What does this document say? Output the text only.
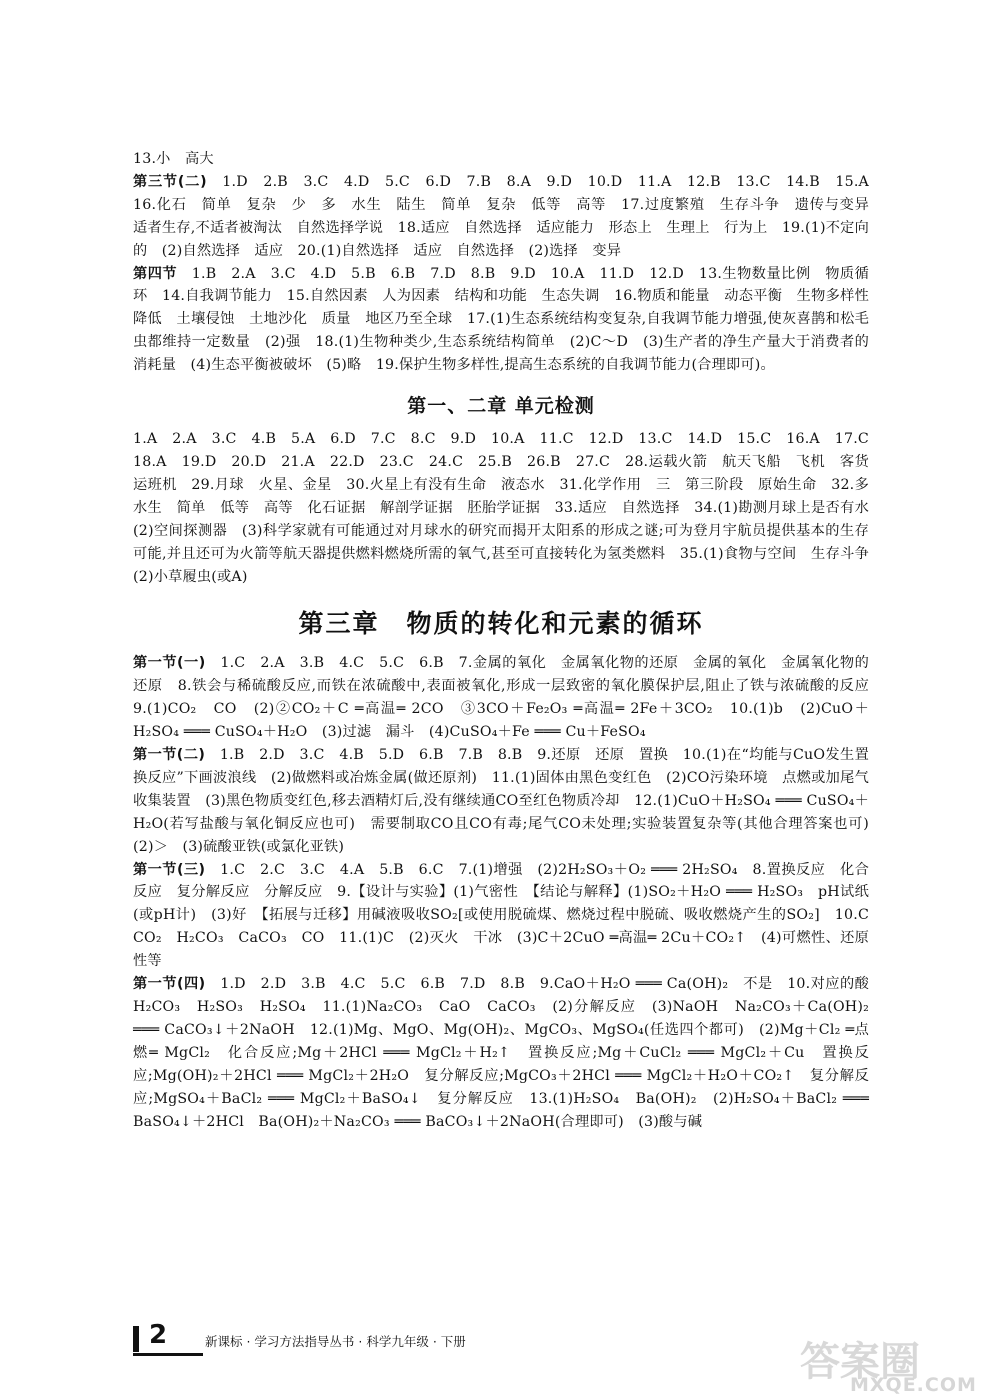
13.小　高大

第三节(二)　1.D　2.B　3.C　4.D　5.C　6.D　7.B　8.A　9.D　10.D　11.A　12.B　13.C　14.B　15.A　16.化石　简单　复杂　少　多　水生　陆生　简单　复杂　低等　高等　17.过度繁殖　生存斗争　遗传与变异　适者生存,不适者被淘汰　自然选择学说　18.适应　自然选择　适应能力　形态上　生理上　行为上　19.(1)不定向的　(2)自然选择　适应　20.(1)自然选择　适应　自然选择　(2)选择　变异

第四节　1.B　2.A　3.C　4.D　5.B　6.B　7.D　8.B　9.D　10.A　11.D　12.D　13.生物数量比例　物质循环　14.自我调节能力　15.自然因素　人为因素　结构和功能　生态失调　16.物质和能量　动态平衡　生物多样性降低　土壤侵蚀　土地沙化　质量　地区乃至全球　17.(1)生态系统结构变复杂,自我调节能力增强,使灰喜鹊和松毛虫都维持一定数量　(2)强　18.(1)生物种类少,生态系统结构简单　(2)C～D　(3)生产者的净生产量大于消费者的消耗量　(4)生态平衡被破坏　(5)略　19.保护生物多样性,提高生态系统的自我调节能力(合理即可)。

第一、二章 单元检测

1.A　2.A　3.C　4.B　5.A　6.D　7.C　8.C　9.D　10.A　11.C　12.D　13.C　14.D　15.C　16.A　17.C　18.A　19.D　20.D　21.A　22.D　23.C　24.C　25.B　26.B　27.C　28.运载火箭　航天飞船　飞机　客货运班机　29.月球　火星、金星　30.火星上有没有生命　液态水　31.化学作用　三　第三阶段　原始生命　32.多　水生　简单　低等　高等　化石证据　解剖学证据　胚胎学证据　33.适应　自然选择　34.(1)勘测月球上是否有水　(2)空间探测器　(3)科学家就有可能通过对月球水的研究而揭开太阳系的形成之谜;可为登月宇航员提供基本的生存可能,并且还可为火箭等航天器提供燃料燃烧所需的氧气,甚至可直接转化为氢类燃料　35.(1)食物与空间　生存斗争　(2)小草履虫(或A)

第三章　物质的转化和元素的循环

第一节(一)　1.C　2.A　3.B　4.C　5.C　6.B　7.金属的氧化　金属氧化物的还原　金属的氧化　金属氧化物的还原　8.铁会与稀硫酸反应,而铁在浓硫酸中,表面被氧化,形成一层致密的氧化膜保护层,阻止了铁与浓硫酸的反应　9.(1)CO₂　CO　(2)②CO₂＋C ═高温═ 2CO　③3CO＋Fe₂O₃ ═高温═ 2Fe＋3CO₂　10.(1)b　(2)CuO＋H₂SO₄ ═══ CuSO₄＋H₂O　(3)过滤　漏斗　(4)CuSO₄＋Fe ═══ Cu＋FeSO₄

第一节(二)　1.B　2.D　3.C　4.B　5.D　6.B　7.B　8.B　9.还原　还原　置换　10.(1)在“均能与CuO发生置换反应”下画波浪线　(2)做燃料或冶炼金属(做还原剂)　11.(1)固体由黑色变红色　(2)CO污染环境　点燃或加尾气收集装置　(3)黑色物质变红色,移去酒精灯后,没有继续通CO至红色物质冷却　12.(1)CuO＋H₂SO₄ ═══ CuSO₄＋H₂O(若写盐酸与氧化铜反应也可)　需要制取CO且CO有毒;尾气CO未处理;实验装置复杂等(其他合理答案也可)　(2)＞　(3)硫酸亚铁(或氯化亚铁)

第一节(三)　1.C　2.C　3.C　4.A　5.B　6.C　7.(1)增强　(2)2H₂SO₃＋O₂ ═══ 2H₂SO₄　8.置换反应　化合反应　复分解反应　分解反应　9.【设计与实验】(1)气密性　【结论与解释】(1)SO₂＋H₂O ═══ H₂SO₃　pH试纸(或pH计)　(3)好　【拓展与迁移】用碱液吸收SO₂[或使用脱硫煤、燃烧过程中脱硫、吸收燃烧产生的SO₂]　10.C　CO₂　H₂CO₃　CaCO₃　CO　11.(1)C　(2)灭火　干冰　(3)C＋2CuO ═高温═ 2Cu＋CO₂↑　(4)可燃性、还原性等

第一节(四)　1.D　2.D　3.B　4.C　5.C　6.B　7.D　8.B　9.CaO＋H₂O ═══ Ca(OH)₂　不是　10.对应的酸　H₂CO₃　H₂SO₃　H₂SO₄　11.(1)Na₂CO₃　CaO　CaCO₃　(2)分解反应　(3)NaOH　Na₂CO₃＋Ca(OH)₂ ═══ CaCO₃↓＋2NaOH　12.(1)Mg、MgO、Mg(OH)₂、MgCO₃、MgSO₄(任选四个都可)　(2)Mg＋Cl₂ ═点燃═ MgCl₂　化合反应;Mg＋2HCl ═══ MgCl₂＋H₂↑　置换反应;Mg＋CuCl₂ ═══ MgCl₂＋Cu　置换反应;Mg(OH)₂＋2HCl ═══ MgCl₂＋2H₂O　复分解反应;MgCO₃＋2HCl ═══ MgCl₂＋H₂O＋CO₂↑　复分解反应;MgSO₄＋BaCl₂ ═══ MgCl₂＋BaSO₄↓　复分解反应　13.(1)H₂SO₄　Ba(OH)₂　(2)H₂SO₄＋BaCl₂ ═══ BaSO₄↓＋2HCl　Ba(OH)₂＋Na₂CO₃ ═══ BaCO₃↓＋2NaOH(合理即可)　(3)酸与碱

2	新课标 · 学习方法指导丛书 · 科学九年级 · 下册	答案圈
MXQE.COM
